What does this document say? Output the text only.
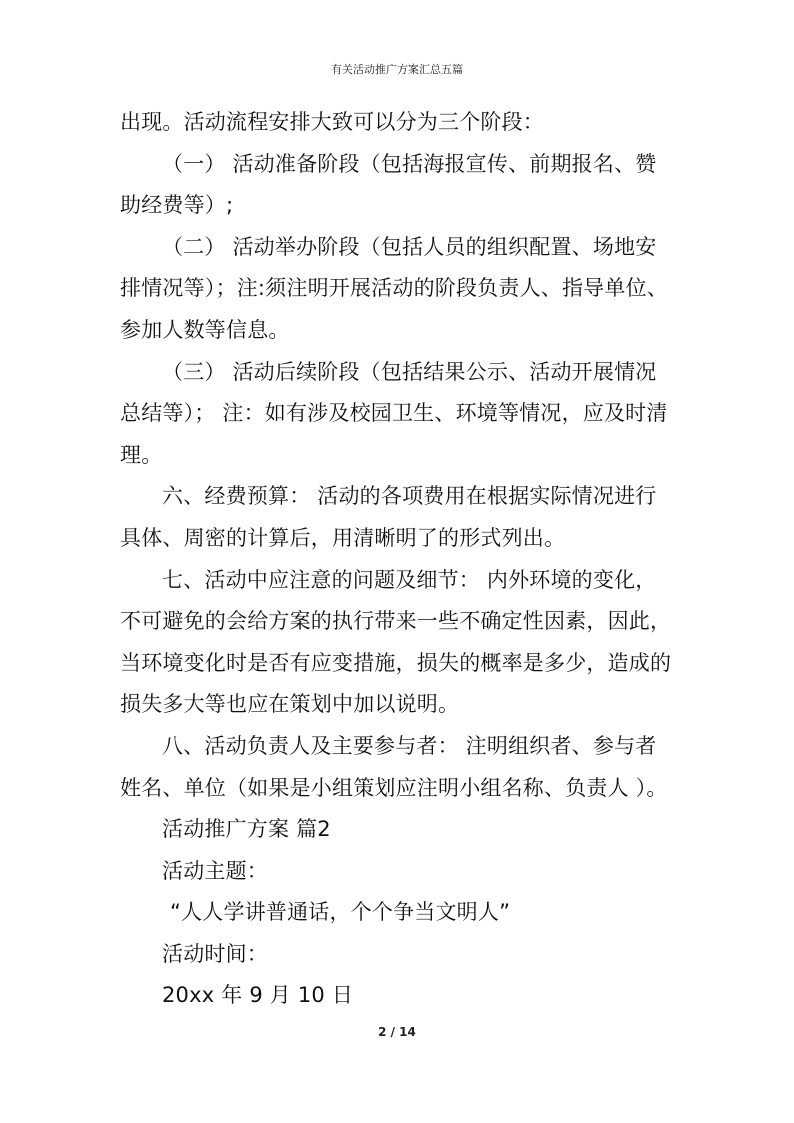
有关活动推广方案汇总五篇
出现。活动流程安排大致可以分为三个阶段：
（一） 活动准备阶段（包括海报宣传、前期报名、赞
助经费等）;
（二） 活动举办阶段（包括人员的组织配置、场地安
排情况等）；注:须注明开展活动的阶段负责人、指导单位、
参加人数等信息。
（三） 活动后续阶段（包括结果公示、活动开展情况
总结等）； 注：如有涉及校园卫生、环境等情况，应及时清
理。
六、经费预算： 活动的各项费用在根据实际情况进行
具体、周密的计算后，用清晰明了的形式列出。
七、活动中应注意的问题及细节： 内外环境的变化，
不可避免的会给方案的执行带来一些不确定性因素，因此，
当环境变化时是否有应变措施，损失的概率是多少，造成的
损失多大等也应在策划中加以说明。
八、活动负责人及主要参与者： 注明组织者、参与者
姓名、单位（如果是小组策划应注明小组名称、负责人 ）。
活动推广方案 篇2
活动主题：
“人人学讲普通话，个个争当文明人”
活动时间：
20xx 年 9 月 10 日
2 / 14
